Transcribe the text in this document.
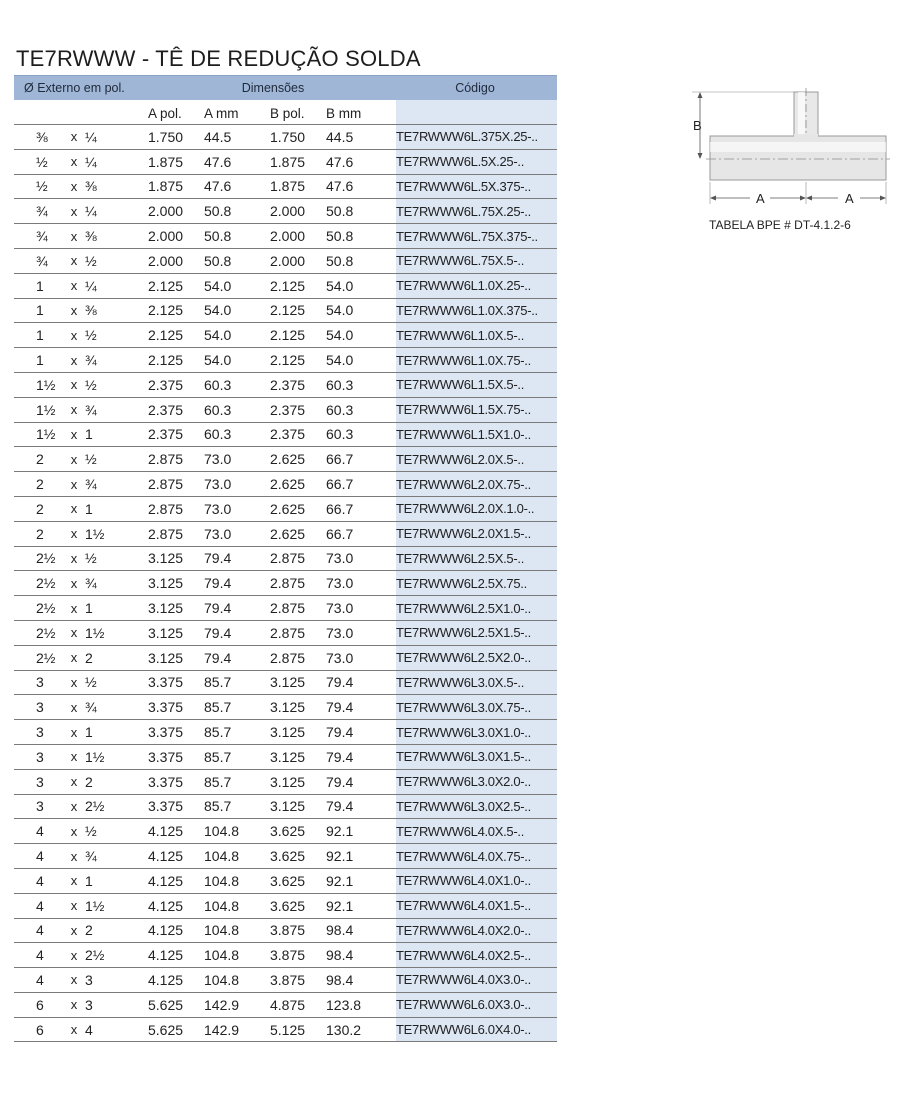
TE7RWWW - TÊ DE REDUÇÃO SOLDA
Ø Externo em pol.	Dimensões	Código
A pol.	A mm	B pol.	B mm
⅜	x ¼	1.750	44.5	1.750	44.5	TE7RWWW6L.375X.25-..
½	x ¼	1.875	47.6	1.875	47.6	TE7RWWW6L.5X.25-..
½	x ⅜	1.875	47.6	1.875	47.6	TE7RWWW6L.5X.375-..
¾	x ¼	2.000	50.8	2.000	50.8	TE7RWWW6L.75X.25-..
¾	x ⅜	2.000	50.8	2.000	50.8	TE7RWWW6L.75X.375-..
¾	x ½	2.000	50.8	2.000	50.8	TE7RWWW6L.75X.5-..
1	x ¼	2.125	54.0	2.125	54.0	TE7RWWW6L1.0X.25-..
1	x ⅜	2.125	54.0	2.125	54.0	TE7RWWW6L1.0X.375-..
1	x ½	2.125	54.0	2.125	54.0	TE7RWWW6L1.0X.5-..
1	x ¾	2.125	54.0	2.125	54.0	TE7RWWW6L1.0X.75-..
1½	x ½	2.375	60.3	2.375	60.3	TE7RWWW6L1.5X.5-..
1½	x ¾	2.375	60.3	2.375	60.3	TE7RWWW6L1.5X.75-..
1½	x 1	2.375	60.3	2.375	60.3	TE7RWWW6L1.5X1.0-..
2	x ½	2.875	73.0	2.625	66.7	TE7RWWW6L2.0X.5-..
2	x ¾	2.875	73.0	2.625	66.7	TE7RWWW6L2.0X.75-..
2	x 1	2.875	73.0	2.625	66.7	TE7RWWW6L2.0X.1.0-..
2	x 1½	2.875	73.0	2.625	66.7	TE7RWWW6L2.0X1.5-..
2½	x ½	3.125	79.4	2.875	73.0	TE7RWWW6L2.5X.5-..
2½	x ¾	3.125	79.4	2.875	73.0	TE7RWWW6L2.5X.75..
2½	x 1	3.125	79.4	2.875	73.0	TE7RWWW6L2.5X1.0-..
2½	x 1½	3.125	79.4	2.875	73.0	TE7RWWW6L2.5X1.5-..
2½	x 2	3.125	79.4	2.875	73.0	TE7RWWW6L2.5X2.0-..
3	x ½	3.375	85.7	3.125	79.4	TE7RWWW6L3.0X.5-..
3	x ¾	3.375	85.7	3.125	79.4	TE7RWWW6L3.0X.75-..
3	x 1	3.375	85.7	3.125	79.4	TE7RWWW6L3.0X1.0-..
3	x 1½	3.375	85.7	3.125	79.4	TE7RWWW6L3.0X1.5-..
3	x 2	3.375	85.7	3.125	79.4	TE7RWWW6L3.0X2.0-..
3	x 2½	3.375	85.7	3.125	79.4	TE7RWWW6L3.0X2.5-..
4	x ½	4.125	104.8	3.625	92.1	TE7RWWW6L4.0X.5-..
4	x ¾	4.125	104.8	3.625	92.1	TE7RWWW6L4.0X.75-..
4	x 1	4.125	104.8	3.625	92.1	TE7RWWW6L4.0X1.0-..
4	x 1½	4.125	104.8	3.625	92.1	TE7RWWW6L4.0X1.5-..
4	x 2	4.125	104.8	3.875	98.4	TE7RWWW6L4.0X2.0-..
4	x 2½	4.125	104.8	3.875	98.4	TE7RWWW6L4.0X2.5-..
4	x 3	4.125	104.8	3.875	98.4	TE7RWWW6L4.0X3.0-..
6	x 3	5.625	142.9	4.875	123.8	TE7RWWW6L6.0X3.0-..
6	x 4	5.625	142.9	5.125	130.2	TE7RWWW6L6.0X4.0-..
B
A	A
TABELA BPE # DT-4.1.2-6
